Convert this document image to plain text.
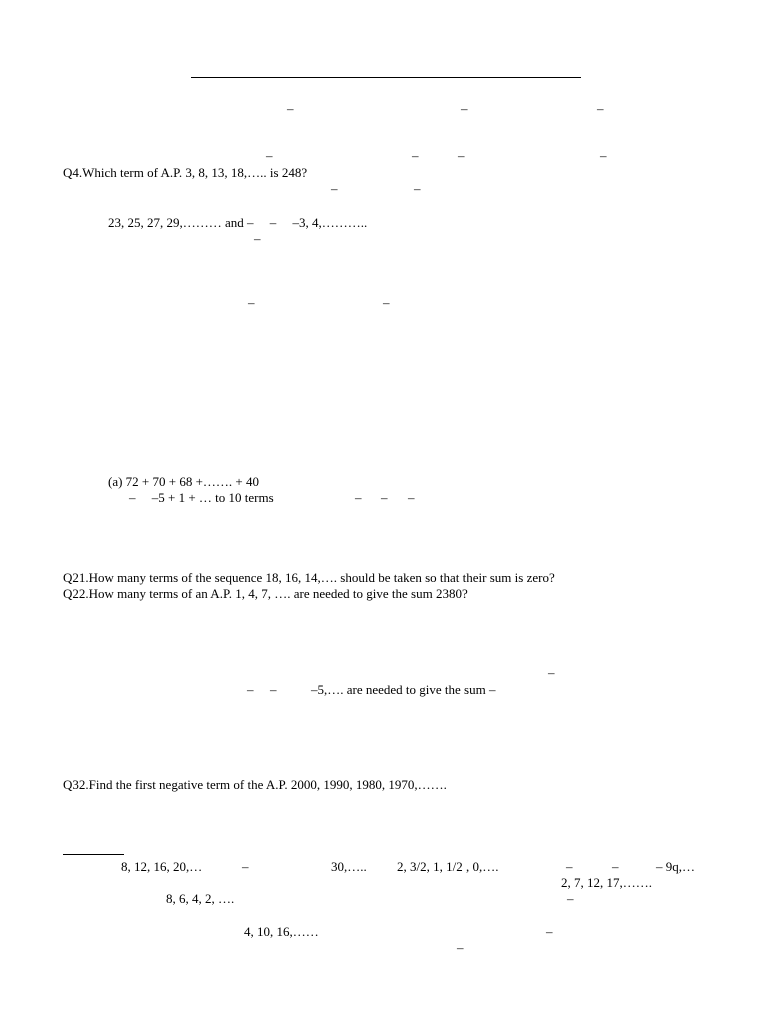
–	–	–
–	–	–	–
Q4.Which term of A.P. 3, 8, 13, 18,….. is 248?
–	–
23, 25, 27, 29,……… and –     –     –3, 4,………..
–
–	–
(a) 72 + 70 + 68 +……. + 40
–     –5 + 1 + … to 10 terms	– – –
Q21.How many terms of the sequence 18, 16, 14,…. should be taken so that their sum is zero?
Q22.How many terms of an A.P. 1, 4, 7, …. are needed to give the sum 2380?
–
– –	–5,…. are needed to give the sum –
Q32.Find the first negative term of the A.P. 2000, 1990, 1980, 1970,…….
8, 12, 16, 20,…	–	30,….. 2, 3/2, 1, 1/2 , 0,….	–	–	– 9q,…
2, 7, 12, 17,…….
8, 6, 4, 2, ….	–
4, 10, 16,……	–
–
